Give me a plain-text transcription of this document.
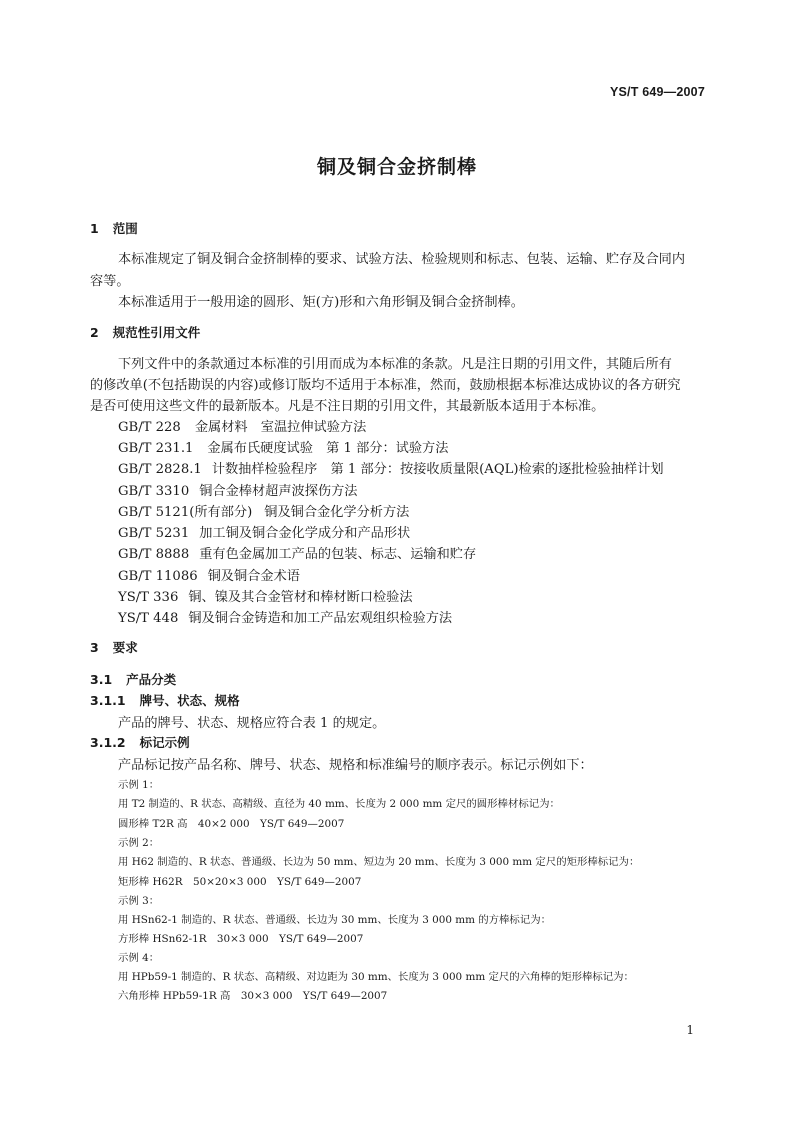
YS/T 649—2007
铜及铜合金挤制棒
1 范围
本标准规定了铜及铜合金挤制棒的要求、试验方法、检验规则和标志、包装、运输、贮存及合同内
容等。
本标准适用于一般用途的圆形、矩(方)形和六角形铜及铜合金挤制棒。
2 规范性引用文件
下列文件中的条款通过本标准的引用而成为本标准的条款。凡是注日期的引用文件，其随后所有
的修改单(不包括勘误的内容)或修订版均不适用于本标准，然而，鼓励根据本标准达成协议的各方研究
是否可使用这些文件的最新版本。凡是不注日期的引用文件，其最新版本适用于本标准。
GB/T 228 金属材料　室温拉伸试验方法
GB/T 231.1 金属布氏硬度试验　第 1 部分：试验方法
GB/T 2828.1 计数抽样检验程序　第 1 部分：按接收质量限(AQL)检索的逐批检验抽样计划
GB/T 3310 铜合金棒材超声波探伤方法
GB/T 5121(所有部分) 铜及铜合金化学分析方法
GB/T 5231 加工铜及铜合金化学成分和产品形状
GB/T 8888 重有色金属加工产品的包装、标志、运输和贮存
GB/T 11086 铜及铜合金术语
YS/T 336 铜、镍及其合金管材和棒材断口检验法
YS/T 448 铜及铜合金铸造和加工产品宏观组织检验方法
3 要求
3.1 产品分类
3.1.1 牌号、状态、规格
产品的牌号、状态、规格应符合表 1 的规定。
3.1.2 标记示例
产品标记按产品名称、牌号、状态、规格和标准编号的顺序表示。标记示例如下：
示例 1：
用 T2 制造的、R 状态、高精级、直径为 40 mm、长度为 2 000 mm 定尺的圆形棒材标记为：
圆形棒 T2R 高　40×2 000　YS/T 649—2007
示例 2：
用 H62 制造的、R 状态、普通级、长边为 50 mm、短边为 20 mm、长度为 3 000 mm 定尺的矩形棒标记为：
矩形棒 H62R　50×20×3 000　YS/T 649—2007
示例 3：
用 HSn62-1 制造的、R 状态、普通级、长边为 30 mm、长度为 3 000 mm 的方棒标记为：
方形棒 HSn62-1R　30×3 000　YS/T 649—2007
示例 4：
用 HPb59-1 制造的、R 状态、高精级、对边距为 30 mm、长度为 3 000 mm 定尺的六角棒的矩形棒标记为：
六角形棒 HPb59-1R 高　30×3 000　YS/T 649—2007
1
